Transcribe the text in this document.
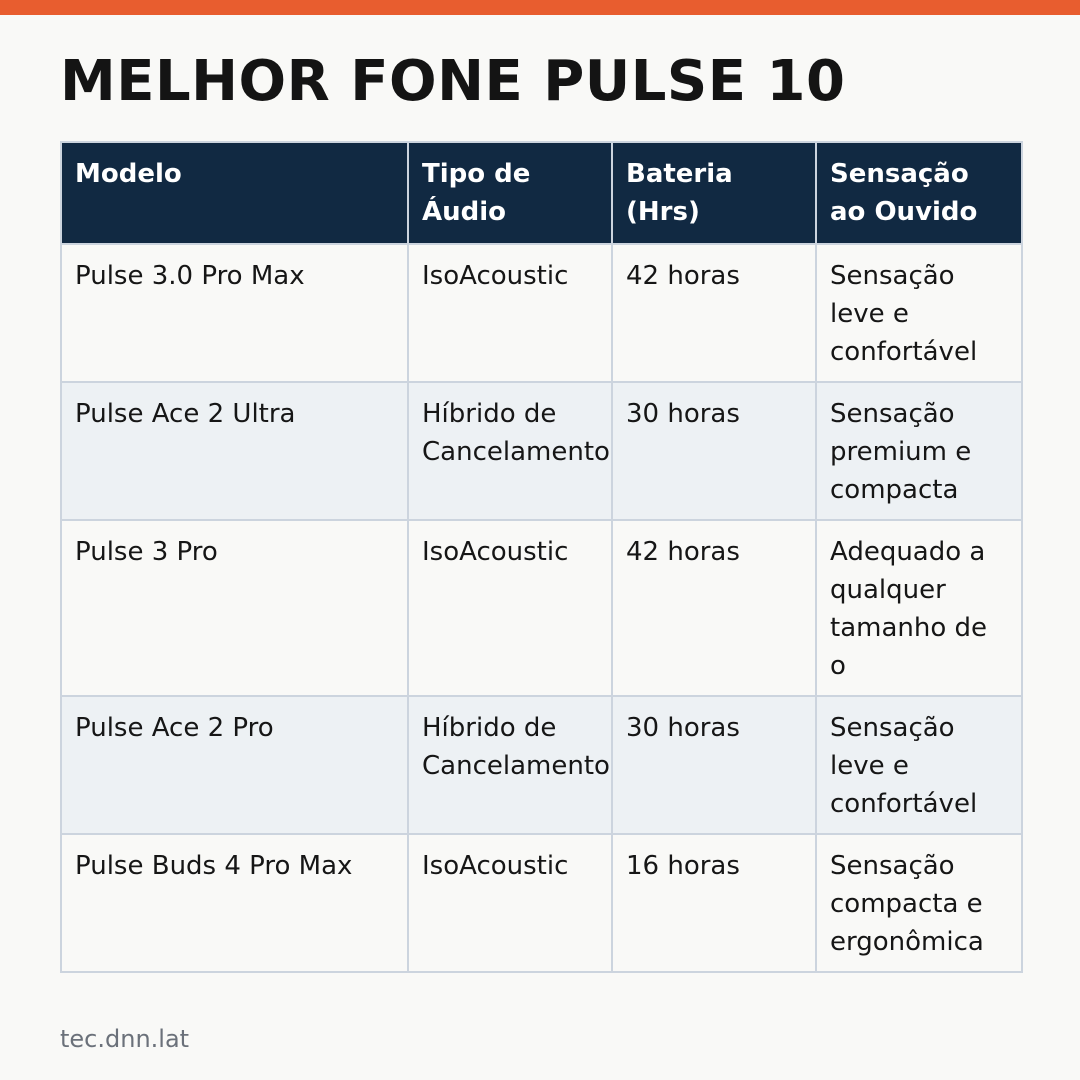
MELHOR FONE PULSE 10
Modelo	Tipo de Áudio	Bateria (Hrs)	Sensação ao Ouvido
Pulse 3.0 Pro Max	IsoAcoustic	42 horas	Sensação leve e confortável
Pulse Ace 2 Ultra	Híbrido de Cancelamento	30 horas	Sensação premium e compacta
Pulse 3 Pro	IsoAcoustic	42 horas	Adequado a qualquer tamanho de o
Pulse Ace 2 Pro	Híbrido de Cancelamento	30 horas	Sensação leve e confortável
Pulse Buds 4 Pro Max	IsoAcoustic	16 horas	Sensação compacta e ergonômica
tec.dnn.lat
